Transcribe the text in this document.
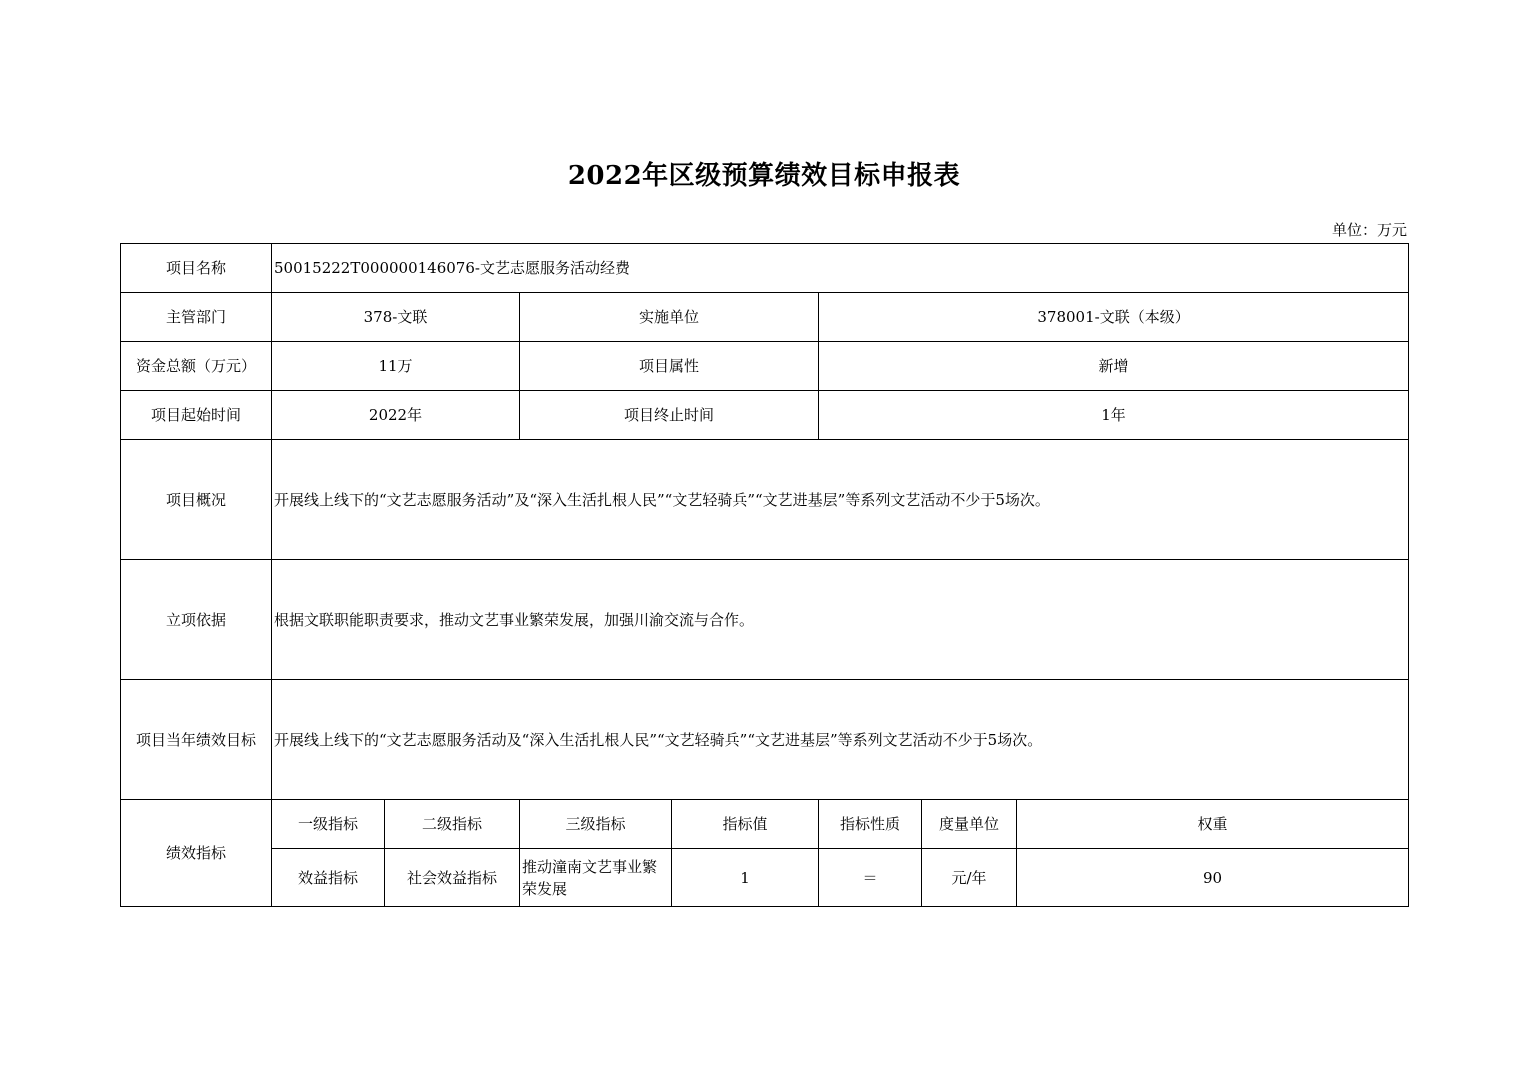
2022年区级预算绩效目标申报表
单位：万元
项目名称	50015222T000000146076-文艺志愿服务活动经费						
主管部门	378-文联		实施单位		378001-文联（本级）		
资金总额（万元）	11万		项目属性		新增		
项目起始时间	2022年		项目终止时间		1年		
项目概况	开展线上线下的“文艺志愿服务活动”及“深入生活扎根人民”“文艺轻骑兵”“文艺进基层”等系列文艺活动不少于5场次。						
立项依据	根据文联职能职责要求，推动文艺事业繁荣发展，加强川渝交流与合作。						
项目当年绩效目标	开展线上线下的“文艺志愿服务活动及“深入生活扎根人民”“文艺轻骑兵”“文艺进基层”等系列文艺活动不少于5场次。						
绩效指标	一级指标	二级指标	三级指标	指标值	指标性质	度量单位	权重
	效益指标	社会效益指标	推动潼南文艺事业繁荣发展	1	＝	元/年	90
